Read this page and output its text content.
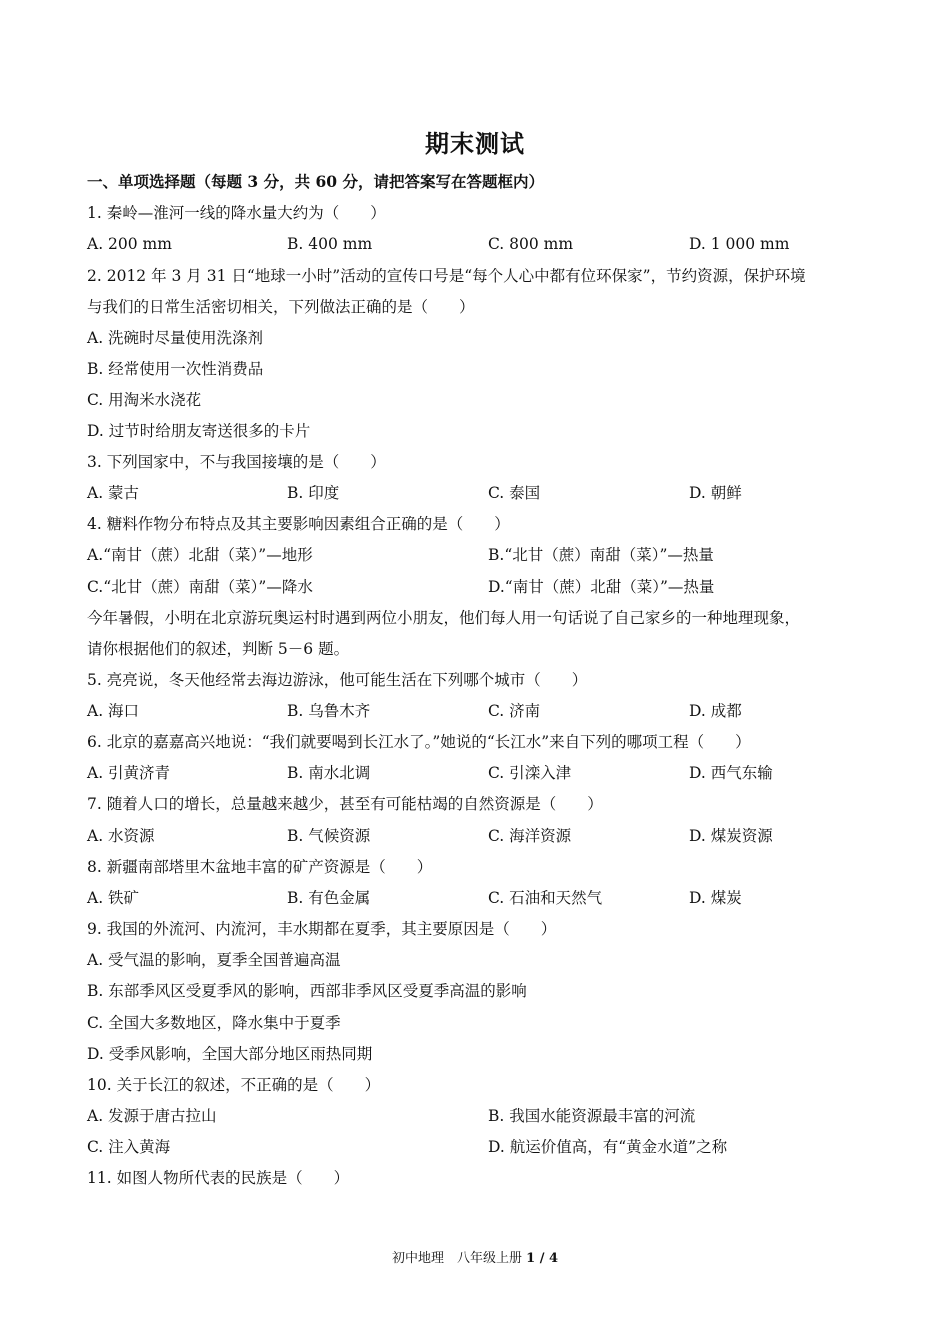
期末测试
一、单项选择题（每题 3 分，共 60 分，请把答案写在答题框内）
1. 秦岭—淮河一线的降水量大约为（　　）
A. 200 mm	B. 400 mm	C. 800 mm	D. 1 000 mm
2. 2012 年 3 月 31 日“地球一小时”活动的宣传口号是“每个人心中都有位环保家”，节约资源，保护环境
与我们的日常生活密切相关，下列做法正确的是（　　）
A. 洗碗时尽量使用洗涤剂
B. 经常使用一次性消费品
C. 用淘米水浇花
D. 过节时给朋友寄送很多的卡片
3. 下列国家中，不与我国接壤的是（　　）
A. 蒙古	B. 印度	C. 泰国	D. 朝鲜
4. 糖料作物分布特点及其主要影响因素组合正确的是（　　）
A.“南甘（蔗）北甜（菜）”—地形	B.“北甘（蔗）南甜（菜）”—热量
C.“北甘（蔗）南甜（菜）”—降水	D.“南甘（蔗）北甜（菜）”—热量
今年暑假，小明在北京游玩奥运村时遇到两位小朋友，他们每人用一句话说了自己家乡的一种地理现象，
请你根据他们的叙述，判断 5－6 题。
5. 亮亮说，冬天他经常去海边游泳，他可能生活在下列哪个城市（　　）
A. 海口	B. 乌鲁木齐	C. 济南	D. 成都
6. 北京的嘉嘉高兴地说：“我们就要喝到长江水了。”她说的“长江水”来自下列的哪项工程（　　）
A. 引黄济青	B. 南水北调	C. 引滦入津	D. 西气东输
7. 随着人口的增长，总量越来越少，甚至有可能枯竭的自然资源是（　　）
A. 水资源	B. 气候资源	C. 海洋资源	D. 煤炭资源
8. 新疆南部塔里木盆地丰富的矿产资源是（　　）
A. 铁矿	B. 有色金属	C. 石油和天然气	D. 煤炭
9. 我国的外流河、内流河，丰水期都在夏季，其主要原因是（　　）
A. 受气温的影响，夏季全国普遍高温
B. 东部季风区受夏季风的影响，西部非季风区受夏季高温的影响
C. 全国大多数地区，降水集中于夏季
D. 受季风影响，全国大部分地区雨热同期
10. 关于长江的叙述，不正确的是（　　）
A. 发源于唐古拉山	B. 我国水能资源最丰富的河流
C. 注入黄海	D. 航运价值高，有“黄金水道”之称
11. 如图人物所代表的民族是（　　）
初中地理　八年级上册 1 / 4
